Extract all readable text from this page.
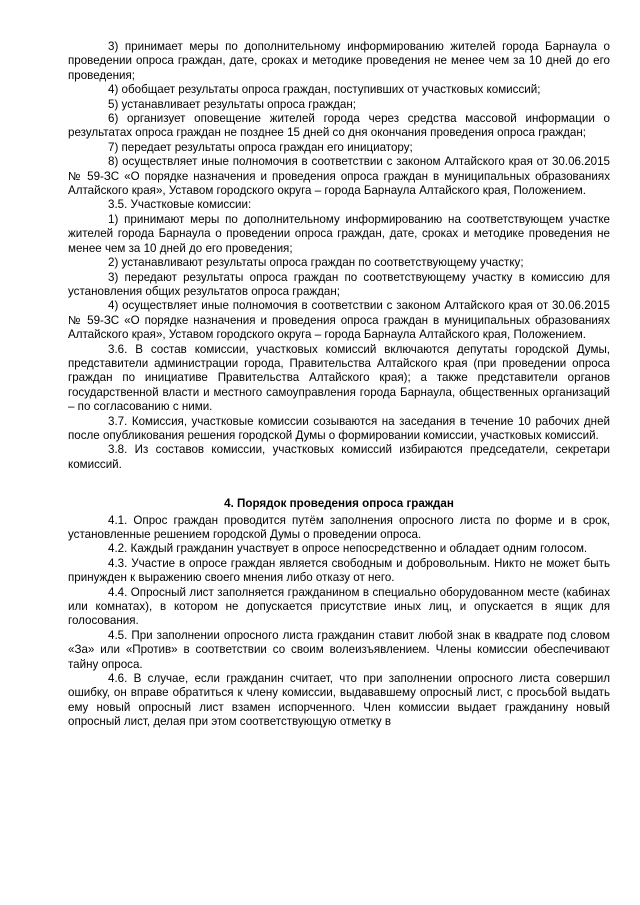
3) принимает меры по дополнительному информированию жителей города Барнаула о проведении опроса граждан, дате, сроках и методике проведения не менее чем за 10 дней до его проведения;

4) обобщает результаты опроса граждан, поступивших от участковых комиссий;

5) устанавливает результаты опроса граждан;

6) организует оповещение жителей города через средства массовой информации о результатах опроса граждан не позднее 15 дней со дня окончания проведения опроса граждан;

7) передает результаты опроса граждан его инициатору;

8) осуществляет иные полномочия в соответствии с законом Алтайского края от 30.06.2015 № 59-ЗС «О порядке назначения и проведения опроса граждан в муниципальных образованиях Алтайского края», Уставом городского округа – города Барнаула Алтайского края, Положением.

3.5. Участковые комиссии:

1) принимают меры по дополнительному информированию на соответствующем участке жителей города Барнаула о проведении опроса граждан, дате, сроках и методике проведения не менее чем за 10 дней до его проведения;

2) устанавливают результаты опроса граждан по соответствующему участку;

3) передают результаты опроса граждан по соответствующему участку в комиссию для установления общих результатов опроса граждан;

4) осуществляет иные полномочия в соответствии с законом Алтайского края от 30.06.2015 № 59-ЗС «О порядке назначения и проведения опроса граждан в муниципальных образованиях Алтайского края», Уставом городского округа – города Барнаула Алтайского края, Положением.

3.6. В состав комиссии, участковых комиссий включаются депутаты городской Думы, представители администрации города, Правительства Алтайского края (при проведении опроса граждан по инициативе Правительства Алтайского края); а также представители органов государственной власти и местного самоуправления города Барнаула, общественных организаций – по согласованию с ними.

3.7. Комиссия, участковые комиссии созываются на заседания в течение 10 рабочих дней после опубликования решения городской Думы о формировании комиссии, участковых комиссий.

3.8. Из составов комиссии, участковых комиссий избираются председатели, секретари комиссий.

4. Порядок проведения опроса граждан

4.1. Опрос граждан проводится путём заполнения опросного листа по форме и в срок, установленные решением городской Думы о проведении опроса.

4.2. Каждый гражданин участвует в опросе непосредственно и обладает одним голосом.

4.3. Участие в опросе граждан является свободным и добровольным. Никто не может быть принужден к выражению своего мнения либо отказу от него.

4.4. Опросный лист заполняется гражданином в специально оборудованном месте (кабинах или комнатах), в котором не допускается присутствие иных лиц, и опускается в ящик для голосования.

4.5. При заполнении опросного листа гражданин ставит любой знак в квадрате под словом «За» или «Против» в соответствии со своим волеизъявлением. Члены комиссии обеспечивают тайну опроса.

4.6. В случае, если гражданин считает, что при заполнении опросного листа совершил ошибку, он вправе обратиться к члену комиссии, выдававшему опросный лист, с просьбой выдать ему новый опросный лист взамен испорченного. Член комиссии выдает гражданину новый опросный лист, делая при этом соответствующую отметку в
